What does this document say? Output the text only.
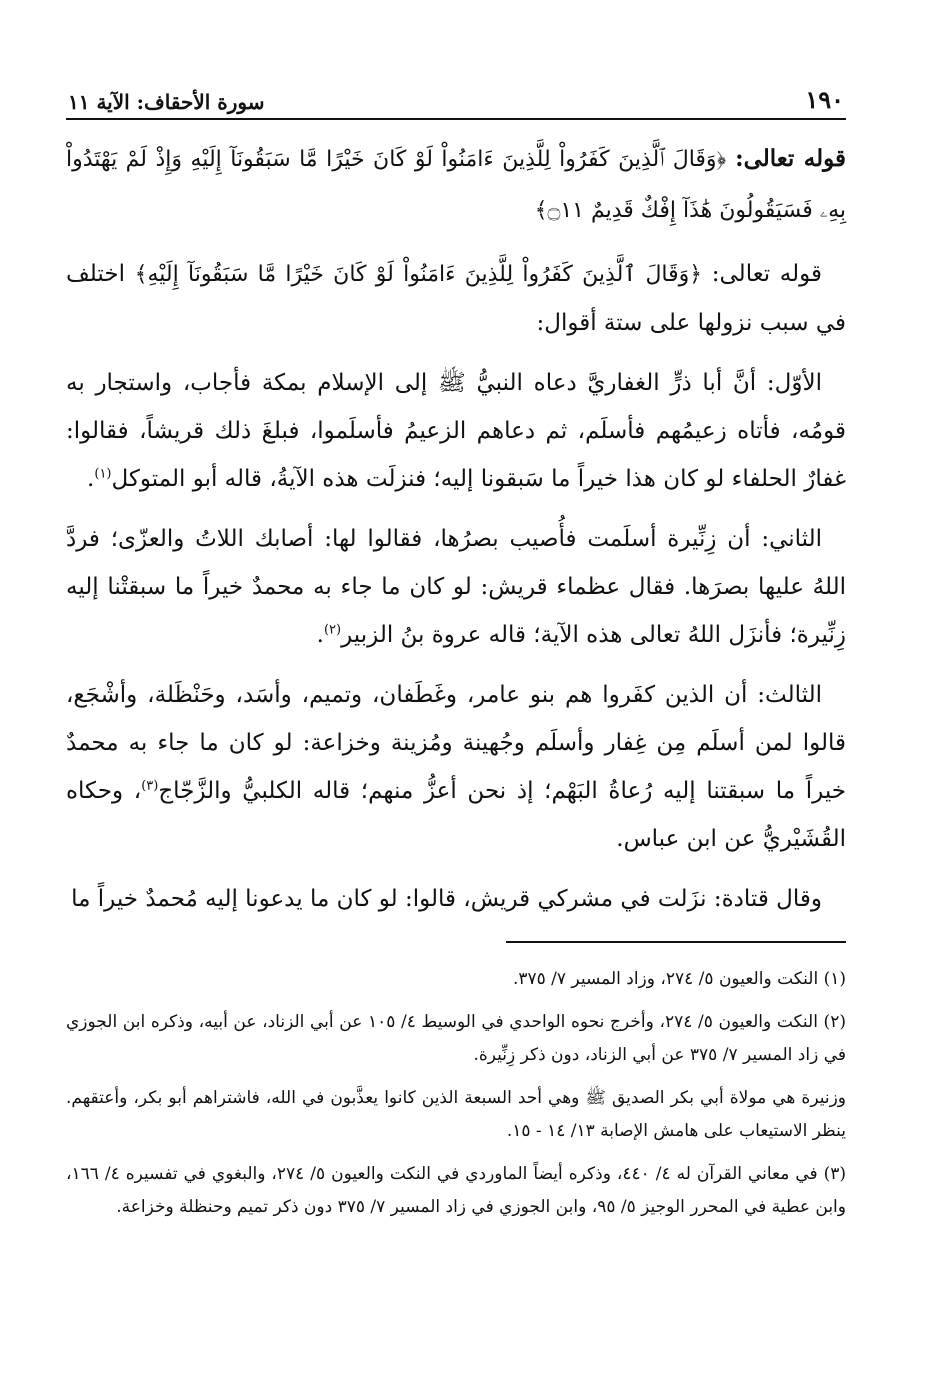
١٩٠
سورة الأحقاف: الآية ١١

قوله تعالى: ﴿وَقَالَ ٱلَّذِينَ كَفَرُواْ لِلَّذِينَ ءَامَنُواْ لَوْ كَانَ خَيْرًا مَّا سَبَقُونَآ إِلَيْهِ وَإِذْ لَمْ يَهْتَدُواْ بِهِۦ فَسَيَقُولُونَ هَٰذَآ إِفْكٌ قَدِيمٌ ۝١١﴾

قوله تعالى: ﴿وَقَالَ ٱلَّذِينَ كَفَرُواْ لِلَّذِينَ ءَامَنُواْ لَوْ كَانَ خَيْرًا مَّا سَبَقُونَآ إِلَيْهِ﴾ اختلف في سبب نزولها على ستة أقوال:

الأوّل: أنَّ أبا ذرٍّ الغفاريَّ دعاه النبيُّ ﷺ إلى الإسلام بمكة فأجاب، واستجار به قومُه، فأتاه زعيمُهم فأسلَم، ثم دعاهم الزعيمُ فأسلَموا، فبلغَ ذلك قريشاً، فقالوا: غفارٌ الحلفاء لو كان هذا خيراً ما سَبقونا إليه؛ فنزلَت هذه الآيةُ، قاله أبو المتوكل$^{(١)}$.

الثاني: أن زِنِّيرة أسلَمت فأُصيب بصرُها، فقالوا لها: أصابك اللاتُ والعزّى؛ فردَّ اللهُ عليها بصرَها. فقال عظماء قريش: لو كان ما جاء به محمدٌ خيراً ما سبقتْنا إليه زِنِّيرة؛ فأنزَل اللهُ تعالى هذه الآية؛ قاله عروة بنُ الزبير$^{(٢)}$.

الثالث: أن الذين كفَروا هم بنو عامر، وغَطَفان، وتميم، وأسَد، وحَنْظَلة، وأشْجَع، قالوا لمن أسلَم مِن غِفار وأسلَم وجُهينة ومُزينة وخزاعة: لو كان ما جاء به محمدٌ خيراً ما سبقتنا إليه رُعاةُ البَهْم؛ إذ نحن أعزُّ منهم؛ قاله الكلبيُّ والزَّجّاج$^{(٣)}$، وحكاه القُشَيْريُّ عن ابن عباس.

وقال قتادة: نزَلت في مشركي قريش، قالوا: لو كان ما يدعونا إليه مُحمدٌ خيراً ما

(١) النكت والعيون ٥/ ٢٧٤، وزاد المسير ٧/ ٣٧٥.

(٢) النكت والعيون ٥/ ٢٧٤، وأخرج نحوه الواحدي في الوسيط ٤/ ١٠٥ عن أبي الزناد، عن أبيه، وذكره ابن الجوزي في زاد المسير ٧/ ٣٧٥ عن أبي الزناد، دون ذكر زِنِّيرة.

وزنيرة هي مولاة أبي بكر الصديق ﷺ وهي أحد السبعة الذين كانوا يعذَّبون في الله، فاشتراهم أبو بكر، وأعتقهم. ينظر الاستيعاب على هامش الإصابة ١٣/ ١٤ - ١٥.

(٣) في معاني القرآن له ٤/ ٤٤٠، وذكره أيضاً الماوردي في النكت والعيون ٥/ ٢٧٤، والبغوي في تفسيره ٤/ ١٦٦، وابن عطية في المحرر الوجيز ٥/ ٩٥، وابن الجوزي في زاد المسير ٧/ ٣٧٥ دون ذكر تميم وحنظلة وخزاعة.
